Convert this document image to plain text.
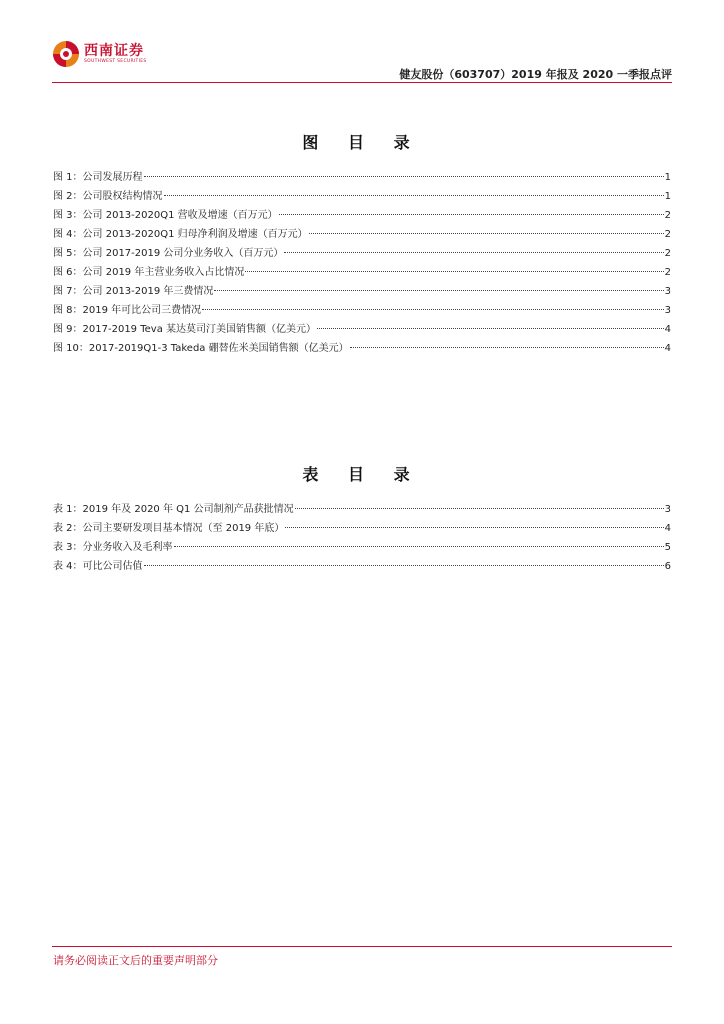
西南证券
SOUTHWEST SECURITIES
健友股份（603707）2019 年报及 2020 一季报点评
图 目 录
图 1：公司发展历程	1
图 2：公司股权结构情况	1
图 3：公司 2013-2020Q1 营收及增速（百万元）	2
图 4：公司 2013-2020Q1 归母净利润及增速（百万元）	2
图 5：公司 2017-2019 公司分业务收入（百万元）	2
图 6：公司 2019 年主营业务收入占比情况	2
图 7：公司 2013-2019 年三费情况	3
图 8：2019 年可比公司三费情况	3
图 9：2017-2019 Teva 某达莫司汀美国销售额（亿美元）	4
图 10：2017-2019Q1-3 Takeda 硼替佐米美国销售额（亿美元）	4
表 目 录
表 1：2019 年及 2020 年 Q1 公司制剂产品获批情况	3
表 2：公司主要研发项目基本情况（至 2019 年底）	4
表 3：分业务收入及毛利率	5
表 4：可比公司估值	6
请务必阅读正文后的重要声明部分
